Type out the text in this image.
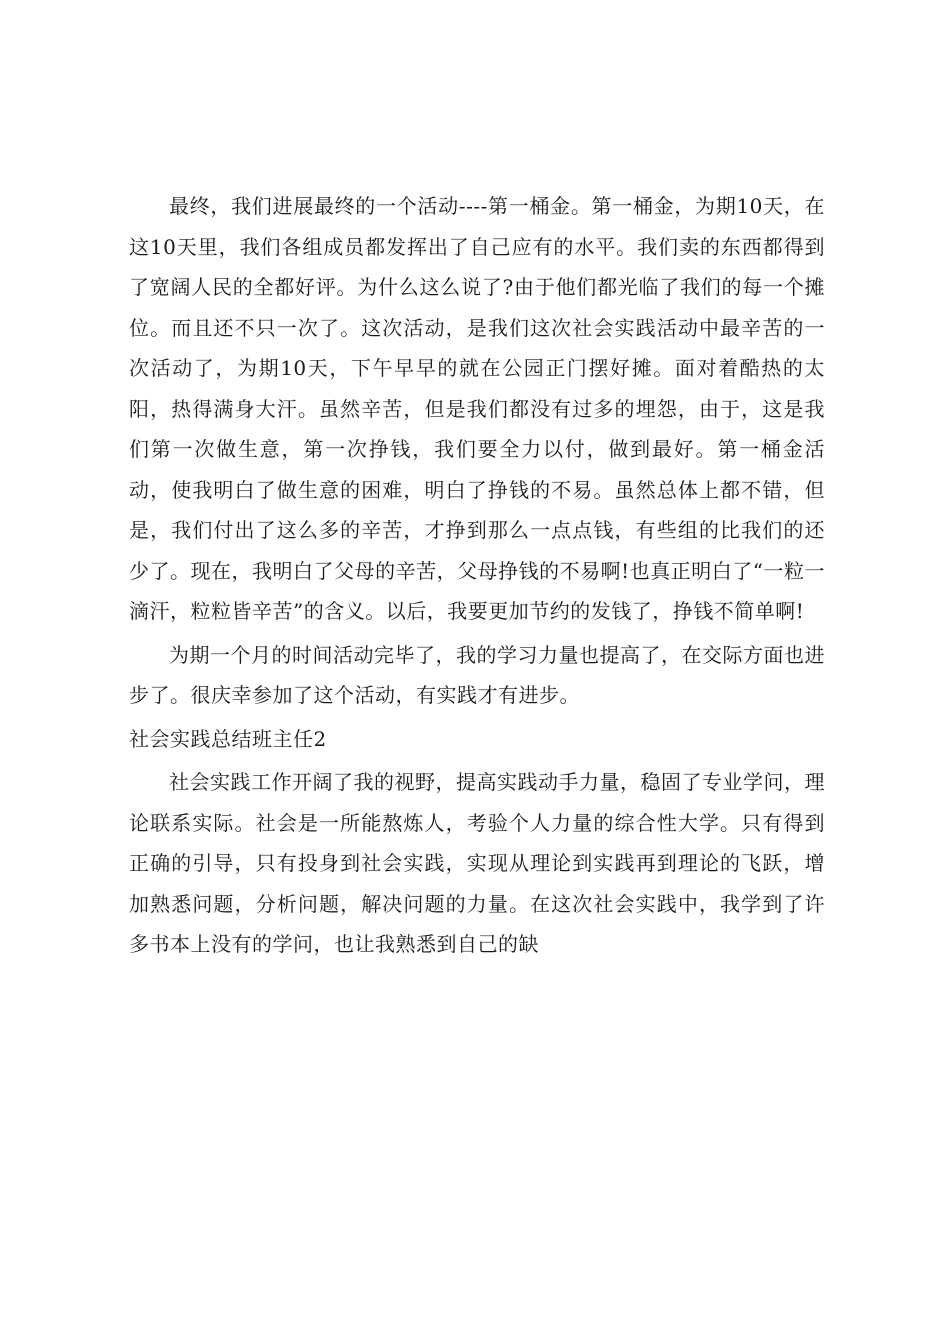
最终，我们进展最终的一个活动----第一桶金。第一桶金，为期10天，在这10天里，我们各组成员都发挥出了自己应有的水平。我们卖的东西都得到了宽阔人民的全都好评。为什么这么说了?由于他们都光临了我们的每一个摊位。而且还不只一次了。这次活动，是我们这次社会实践活动中最辛苦的一次活动了，为期10天，下午早早的就在公园正门摆好摊。面对着酷热的太阳，热得满身大汗。虽然辛苦，但是我们都没有过多的埋怨，由于，这是我们第一次做生意，第一次挣钱，我们要全力以付，做到最好。第一桶金活动，使我明白了做生意的困难，明白了挣钱的不易。虽然总体上都不错，但是，我们付出了这么多的辛苦，才挣到那么一点点钱，有些组的比我们的还少了。现在，我明白了父母的辛苦，父母挣钱的不易啊!也真正明白了“一粒一滴汗，粒粒皆辛苦”的含义。以后，我要更加节约的发钱了，挣钱不简单啊!

为期一个月的时间活动完毕了，我的学习力量也提高了，在交际方面也进步了。很庆幸参加了这个活动，有实践才有进步。

社会实践总结班主任2

社会实践工作开阔了我的视野，提高实践动手力量，稳固了专业学问，理论联系实际。社会是一所能熬炼人，考验个人力量的综合性大学。只有得到正确的引导，只有投身到社会实践，实现从理论到实践再到理论的飞跃，增加熟悉问题，分析问题，解决问题的力量。在这次社会实践中，我学到了许多书本上没有的学问，也让我熟悉到自己的缺
